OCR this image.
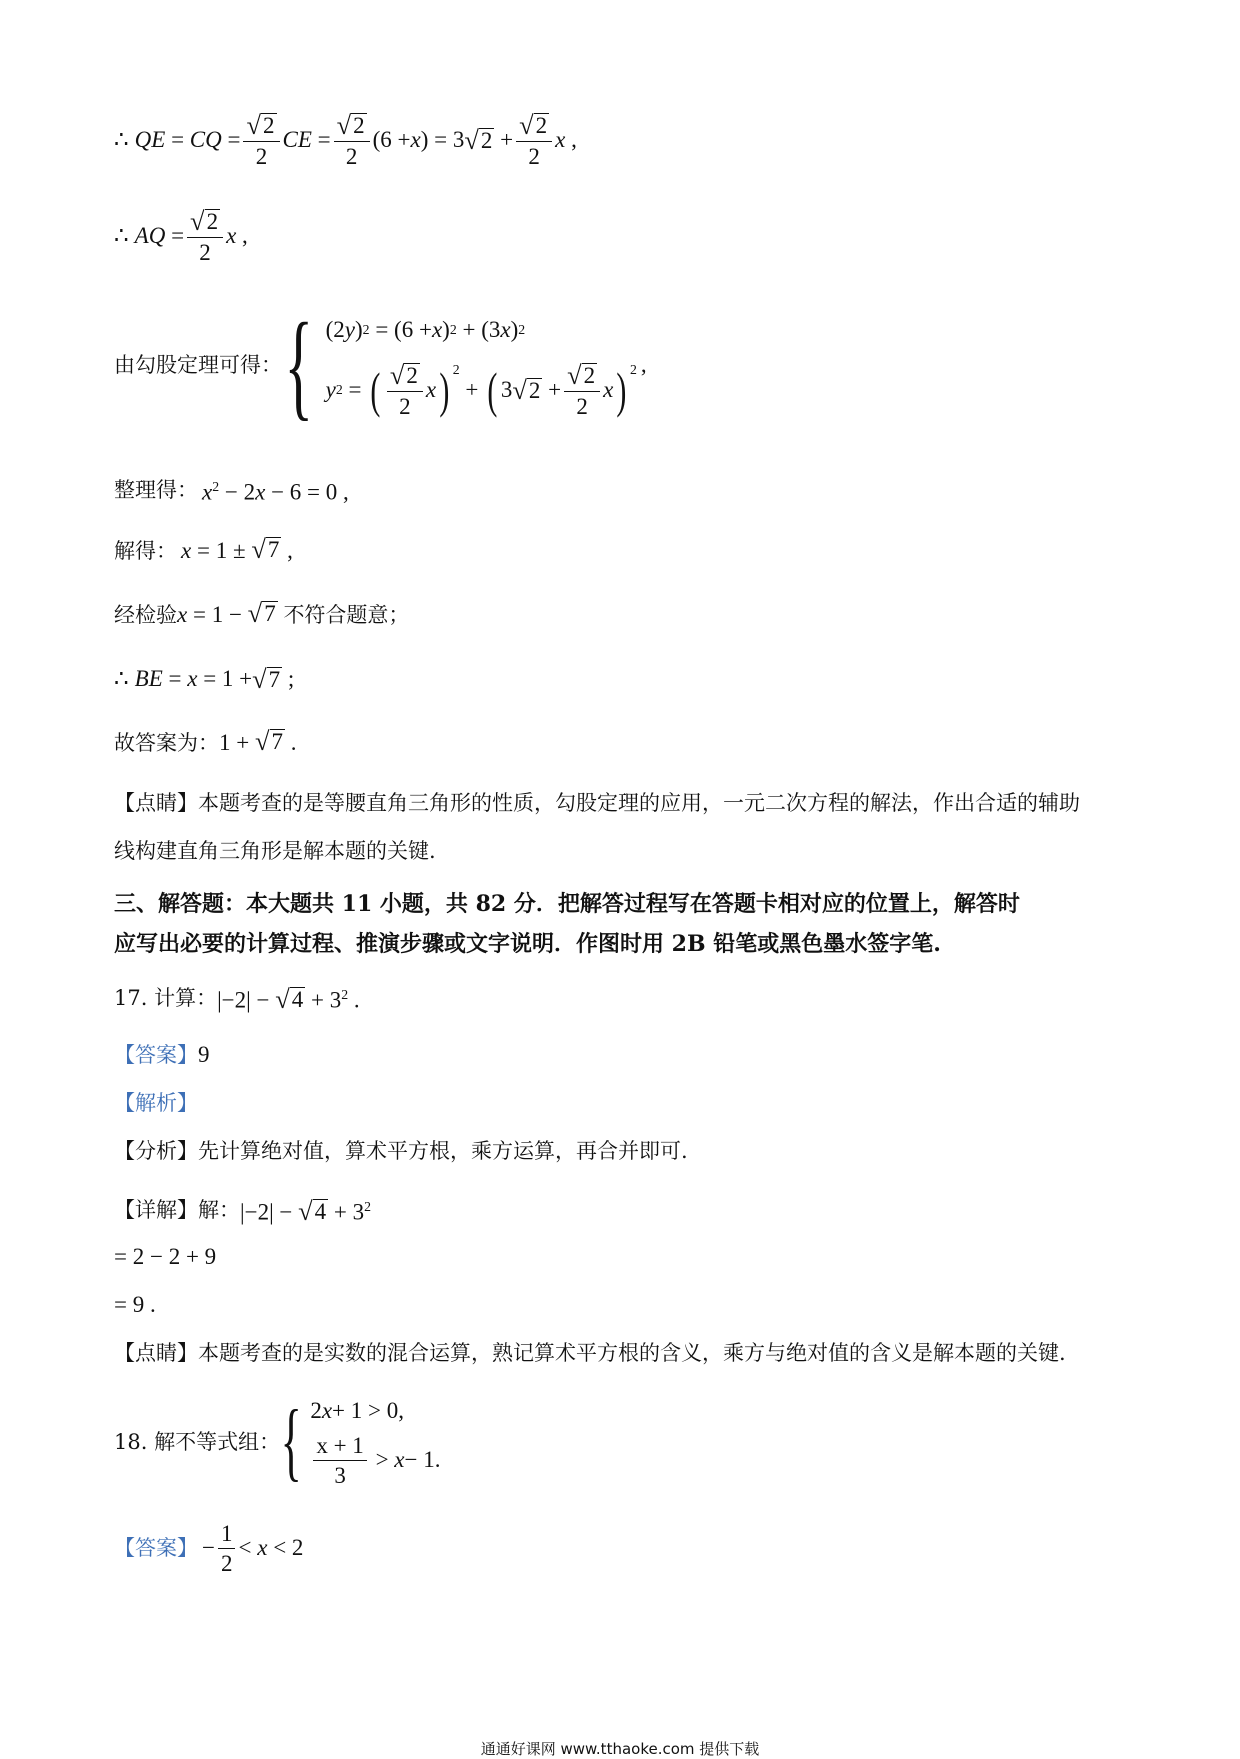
∴ QE = CQ = $\frac{√ 2}{2}$ CE = $\frac{√ 2}{2} (6 + x$ ) = 3 √ $2 + \frac{√ 2}{2}$ x ,
∴ AQ = $\frac{√ 2}{2}$ x ,
由勾股定理可得： { (2 y ) 2 = (6 + x ) 2 + (3 x ) 2
y 2 = ( $\frac{√ 2}{2}$ x )$^2$
+ ( 3 √ $2 + \frac{√ 2}{2}$ x )$^2$ ,
整理得： $x^2 - 2x - 6 = 0$ ,
解得： x = 1 ± √ 7 ,
经检验 x = 1 − √ 7
不符合题意；
∴ BE = x = 1 + √ 7 ;
故答案为： 1 + √ 7 .
【点睛】 本题考查的是等腰直角三角形的性质，勾股定理的应用，一元二次方程的解法，作出合适的辅助
线构建直角三角形是解本题的关键.
三、解答题：本大题共 11 小题，共 82 分．把解答过程写在答题卡相对应的位置上，解答时
应写出必要的计算过程、推演步骤或文字说明．作图时用 2B 铅笔或黑色墨水签字笔.
17. 计算： |−2| − √ $4 + 3^2$ .
【答案】 9
【解析】
【分析】 先计算绝对值，算术平方根，乘方运算，再合并即可.
【详解】 解： |−2| − √ $4 + 3^2$
= 2 − 2 + 9
= 9 .
【点睛】 本题考查的是实数的混合运算，熟记算术平方根的含义，乘方与绝对值的含义是解本题的关键.
18. 解不等式组： { 2 x + 1 > 0,
$\frac{x + 1}{3} > x - 1$.
【答案】 − $\frac{1}{2} < x < 2$
通通好课网 www.tthaoke.com 提供下载
